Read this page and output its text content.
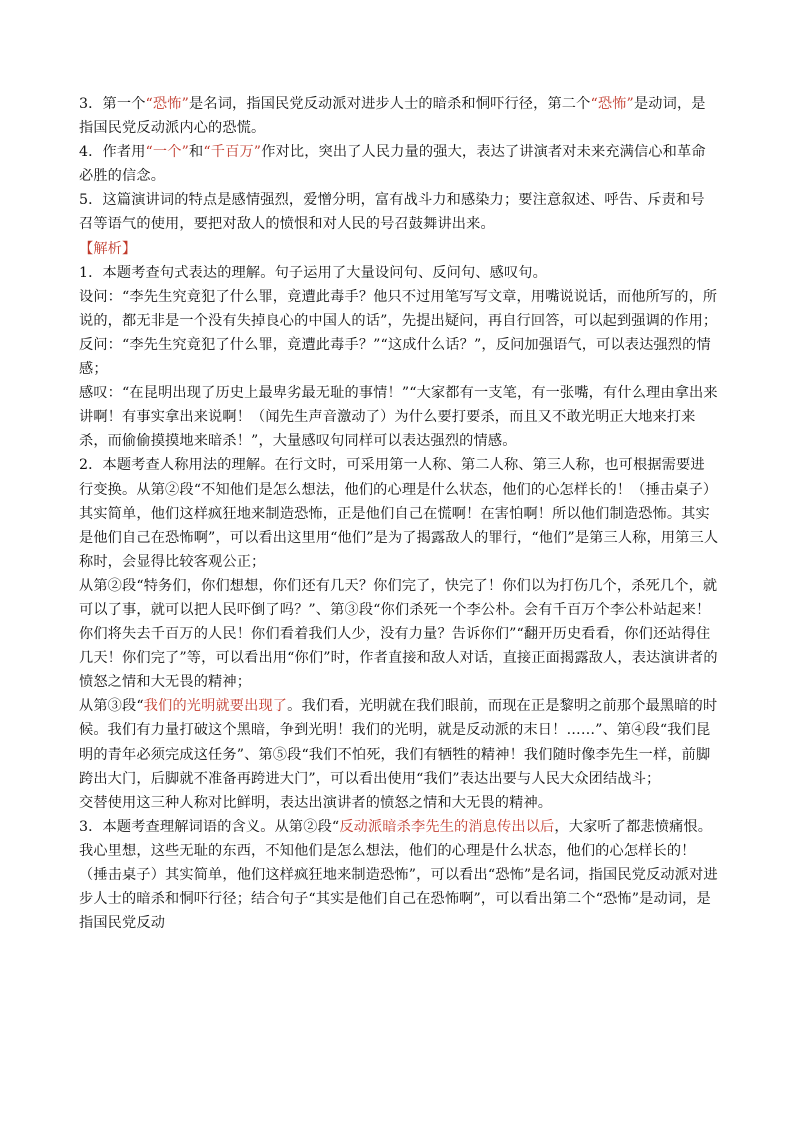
3．第一个“恐怖”是名词，指国民党反动派对进步人士的暗杀和恫吓行径，第二个“恐怖”是动词，是指国民党反动派内心的恐慌。

4．作者用“一个”和“千百万”作对比，突出了人民力量的强大，表达了讲演者对未来充满信心和革命必胜的信念。

5．这篇演讲词的特点是感情强烈，爱憎分明，富有战斗力和感染力；要注意叙述、呼告、斥责和号召等语气的使用，要把对敌人的愤恨和对人民的号召鼓舞讲出来。

【解析】

1．本题考查句式表达的理解。句子运用了大量设问句、反问句、感叹句。

设问：“李先生究竟犯了什么罪，竟遭此毒手？他只不过用笔写写文章，用嘴说说话，而他所写的，所说的，都无非是一个没有失掉良心的中国人的话”，先提出疑问，再自行回答，可以起到强调的作用；

反问：“李先生究竟犯了什么罪，竟遭此毒手？”“这成什么话？”，反问加强语气，可以表达强烈的情感；

感叹：“在昆明出现了历史上最卑劣最无耻的事情！”“大家都有一支笔，有一张嘴，有什么理由拿出来讲啊！有事实拿出来说啊！（闻先生声音激动了）为什么要打要杀，而且又不敢光明正大地来打来杀，而偷偷摸摸地来暗杀！”，大量感叹句同样可以表达强烈的情感。

2．本题考查人称用法的理解。在行文时，可采用第一人称、第二人称、第三人称，也可根据需要进行变换。从第②段“不知他们是怎么想法，他们的心理是什么状态，他们的心怎样长的！（捶击桌子）其实简单，他们这样疯狂地来制造恐怖，正是他们自己在慌啊！在害怕啊！所以他们制造恐怖。其实是他们自己在恐怖啊”，可以看出这里用“他们”是为了揭露敌人的罪行，“他们”是第三人称，用第三人称时，会显得比较客观公正；

从第②段“特务们，你们想想，你们还有几天？你们完了，快完了！你们以为打伤几个，杀死几个，就可以了事，就可以把人民吓倒了吗？”、第③段“你们杀死一个李公朴。会有千百万个李公朴站起来！你们将失去千百万的人民！你们看着我们人少，没有力量？告诉你们”“翻开历史看看，你们还站得住几天！你们完了”等，可以看出用“你们”时，作者直接和敌人对话，直接正面揭露敌人，表达演讲者的愤怒之情和大无畏的精神；

从第③段“我们的光明就要出现了。我们看，光明就在我们眼前，而现在正是黎明之前那个最黑暗的时候。我们有力量打破这个黑暗，争到光明！我们的光明，就是反动派的末日！……”、第④段“我们昆明的青年必须完成这任务”、第⑤段“我们不怕死，我们有牺牲的精神！我们随时像李先生一样，前脚跨出大门，后脚就不准备再跨进大门”，可以看出使用“我们”表达出要与人民大众团结战斗；

交替使用这三种人称对比鲜明，表达出演讲者的愤怒之情和大无畏的精神。

3．本题考查理解词语的含义。从第②段“反动派暗杀李先生的消息传出以后，大家听了都悲愤痛恨。我心里想，这些无耻的东西，不知他们是怎么想法，他们的心理是什么状态，他们的心怎样长的！（捶击桌子）其实简单，他们这样疯狂地来制造恐怖”，可以看出“恐怖”是名词，指国民党反动派对进步人士的暗杀和恫吓行径；结合句子“其实是他们自己在恐怖啊”，可以看出第二个“恐怖”是动词，是指国民党反动
